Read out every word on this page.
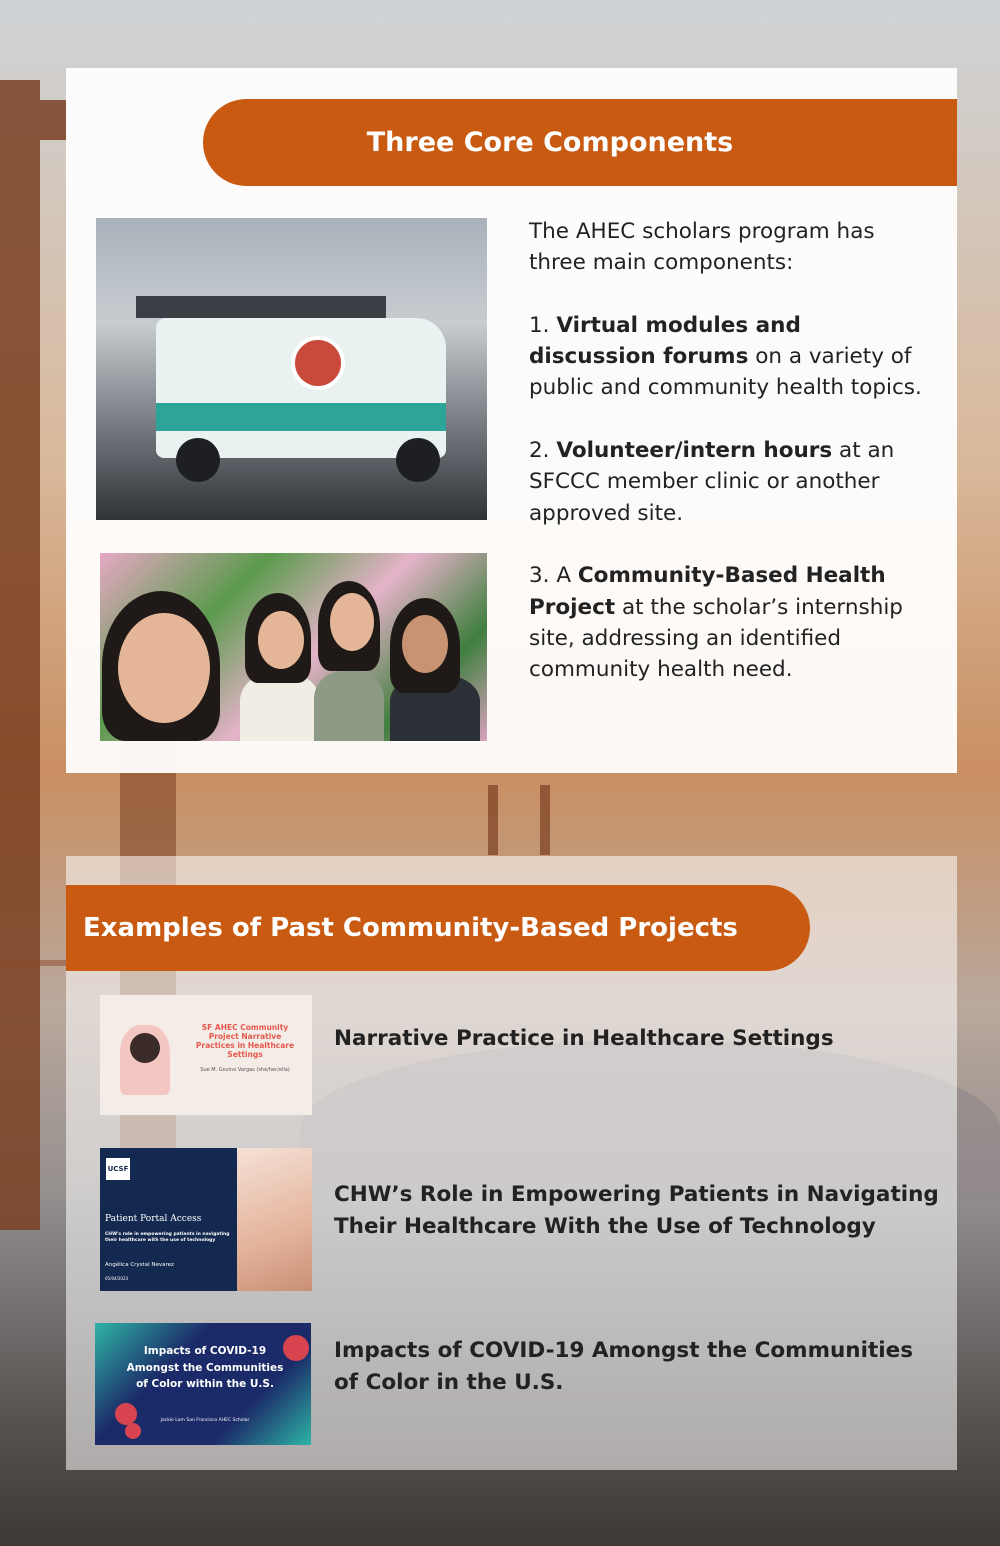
Three Core Components

The AHEC scholars program has three main components:

1. Virtual modules and discussion forums on a variety of public and community health topics.

2. Volunteer/intern hours at an SFCCC member clinic or another approved site.

3. A Community-Based Health Project at the scholar’s internship site, addressing an identified community health need.

Examples of Past Community-Based Projects
SF AHEC Community Project Narrative Practices in Healthcare Settings
Sue M. Govino Vargas (she/her/ella)
Narrative Practice in Healthcare Settings
UCSF
Patient Portal Access
CHW's role in empowering patients in navigating their healthcare with the use of technology
Angélica Crystal Nevarez
05/04/2023
CHW’s Role in Empowering Patients in Navigating Their Healthcare With the Use of Technology
Impacts of COVID-19 Amongst the Communities of Color within the U.S.
Jackie Lam San Francisco AHEC Scholar
Impacts of COVID-19 Amongst the Communities of Color in the U.S.
